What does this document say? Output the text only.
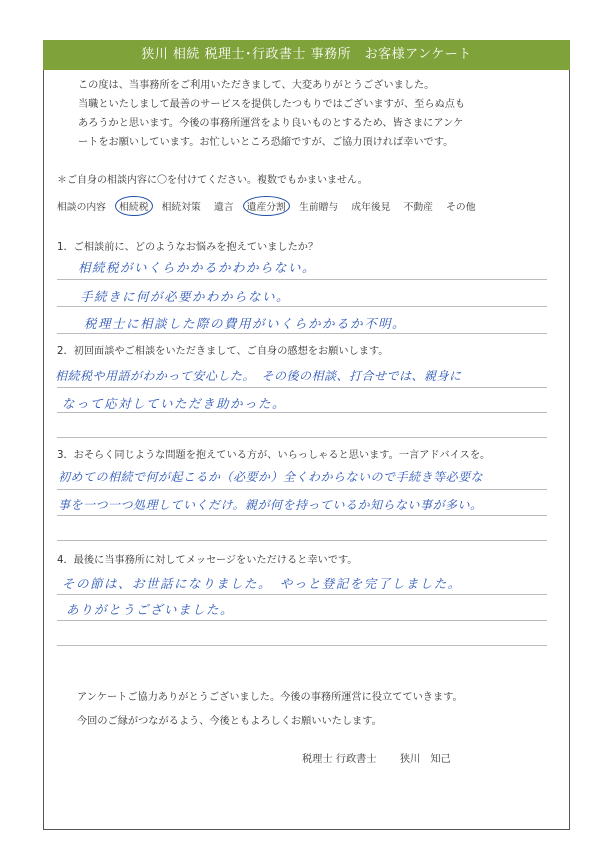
狭川 相続 税理士･行政書士 事務所　お客様アンケート
この度は、当事務所をご利用いただきまして、大変ありがとうございました。
当職といたしまして最善のサービスを提供したつもりではございますが、至らぬ点も
あろうかと思います。今後の事務所運営をより良いものとするため、皆さまにアンケ
ートをお願いしています。お忙しいところ恐縮ですが、ご協力頂ければ幸いです。
＊ご自身の相談内容に〇を付けてください。複数でもかまいません。
相談の内容 相続税 相続対策 遺言 遺産分割 生前贈与 成年後見 不動産 その他
1．ご相談前に、どのようなお悩みを抱えていましたか？
相続税がいくらかかるかわからない。
手続きに何が必要かわからない。
税理士に相談した際の費用がいくらかかるか不明。
2．初回面談やご相談をいただきまして、ご自身の感想をお願いします。
相続税や用語がわかって安心した。　その後の相談、打合せでは、親身に
なって応対していただき助かった。
3．おそらく同じような問題を抱えている方が、いらっしゃると思います。一言アドバイスを。
初めての相続で何が起こるか（必要か）全くわからないので手続き等必要な
事を一つ一つ処理していくだけ。親が何を持っているか知らない事が多い。
4．最後に当事務所に対してメッセージをいただけると幸いです。
その節は、お世話になりました。　やっと登記を完了しました。
ありがとうございました。
アンケートご協力ありがとうございました。今後の事務所運営に役立てていきます。
今回のご縁がつながるよう、今後ともよろしくお願いいたします。
税理士 行政書士 狭川　知己
